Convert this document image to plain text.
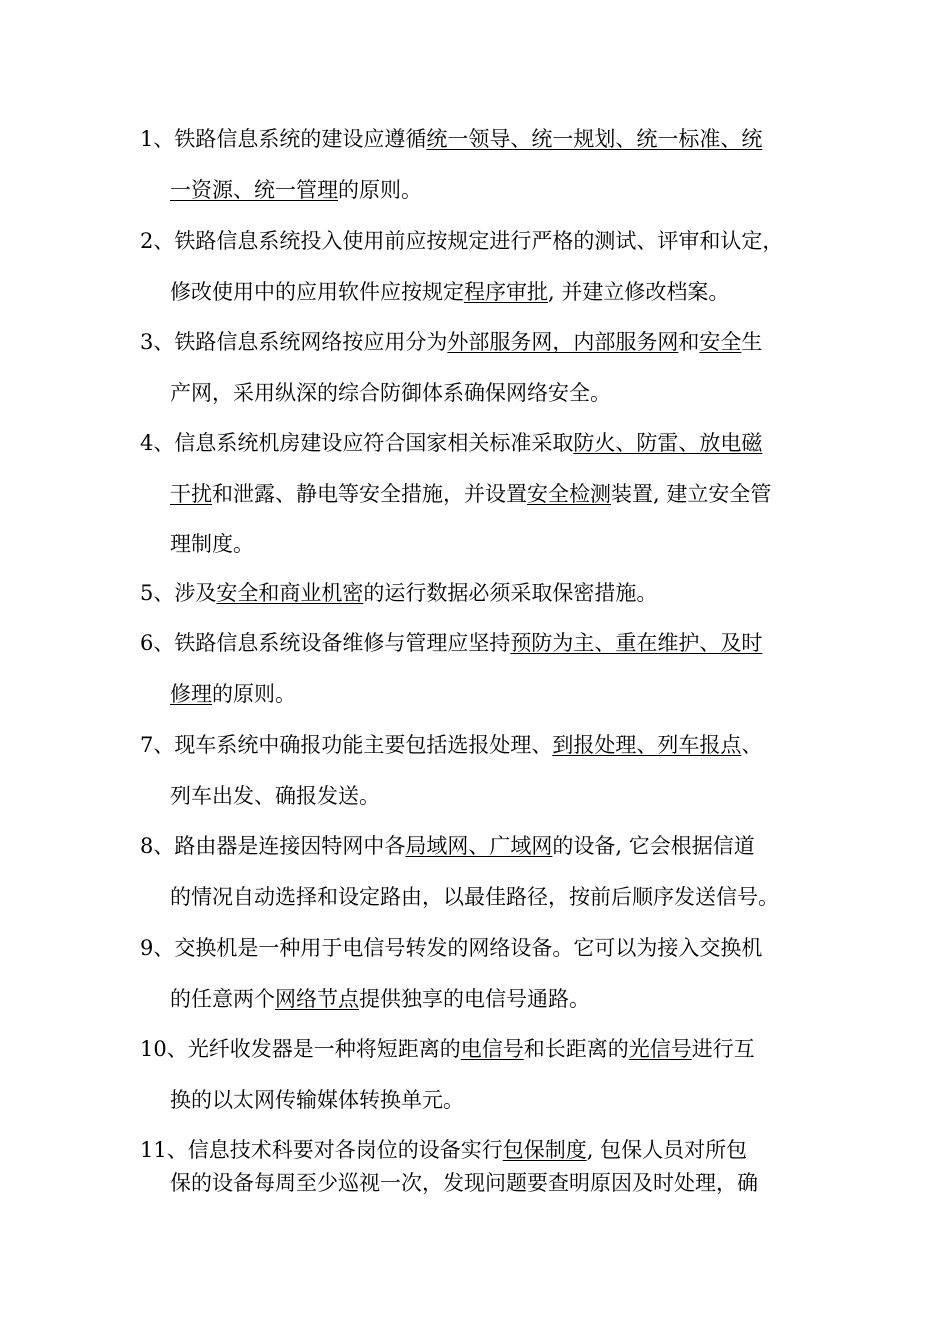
1、铁路信息系统的建设应遵循统一领导、统一规划、统一标准、统
一资源、统一管理的原则。
2、铁路信息系统投入使用前应按规定进行严格的测试、评审和认定，
修改使用中的应用软件应按规定程序审批, 并建立修改档案。
3、铁路信息系统网络按应用分为外部服务网，内部服务网和安全生
产网，采用纵深的综合防御体系确保网络安全。
4、信息系统机房建设应符合国家相关标准采取防火、防雷、放电磁
干扰和泄露、静电等安全措施，并设置安全检测装置, 建立安全管
理制度。
5、涉及安全和商业机密的运行数据必须采取保密措施。
6、铁路信息系统设备维修与管理应坚持预防为主、重在维护、及时
修理的原则。
7、现车系统中确报功能主要包括选报处理、到报处理、列车报点、
列车出发、确报发送。
8、路由器是连接因特网中各局域网、广域网的设备, 它会根据信道
的情况自动选择和设定路由，以最佳路径，按前后顺序发送信号。
9、交换机是一种用于电信号转发的网络设备。它可以为接入交换机
的任意两个网络节点提供独享的电信号通路。
10、光纤收发器是一种将短距离的电信号和长距离的光信号进行互
换的以太网传输媒体转换单元。
11、信息技术科要对各岗位的设备实行包保制度, 包保人员对所包
保的设备每周至少巡视一次，发现问题要查明原因及时处理，确
